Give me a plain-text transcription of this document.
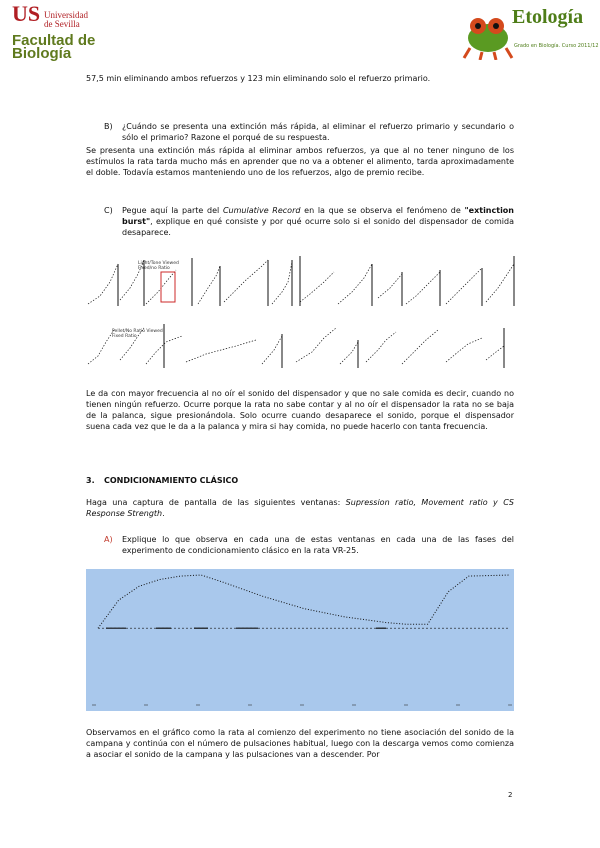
US Universidad
de Sevilla
Facultad de
Biología
Etología
Grado en Biología. Curso 2011/12
57,5 min eliminando ambos refuerzos y 123 min eliminando solo el refuerzo primario.
B) ¿Cuándo se presenta una extinción más rápida, al eliminar el refuerzo primario y secundario o sólo el primario? Razone el porqué de su respuesta.
Se presenta una extinción más rápida al eliminar ambos refuerzos, ya que al no tener ninguno de los estímulos la rata tarda mucho más en aprender que no va a obtener el alimento, tarda aproximadamente el doble. Todavía estamos manteniendo uno de los refuerzos, algo de premio recibe.
C) Pegue aquí la parte del Cumulative Record en la que se observa el fenómeno de "extinction burst", explique en qué consiste y por qué ocurre solo si el sonido del dispensador de comida desaparece.
Light/Tone Viewed
Fixed/no Ratio
Pellet/No Ratio Viewed
Fixed Ratio
Le da con mayor frecuencia al no oír el sonido del dispensador y que no sale comida es decir, cuando no tienen ningún refuerzo. Ocurre porque la rata no sabe contar y al no oír el dispensador la rata no se baja de la palanca, sigue presionándola. Solo ocurre cuando desaparece el sonido, porque el dispensador suena cada vez que le da a la palanca y mira si hay comida, no puede hacerlo con tanta frecuencia.
3. CONDICIONAMIENTO CLÁSICO
Haga una captura de pantalla de las siguientes ventanas: Supression ratio, Movement ratio y CS Response Strength.
A) Explique lo que observa en cada una de estas ventanas en cada una de las fases del experimento de condicionamiento clásico en la rata VR-25.
Observamos en el gráfico como la rata al comienzo del experimento no tiene asociación del sonido de la campana y continúa con el número de pulsaciones habitual, luego con la descarga vemos como comienza a asociar el sonido de la campana y las pulsaciones van a descender. Por
2
